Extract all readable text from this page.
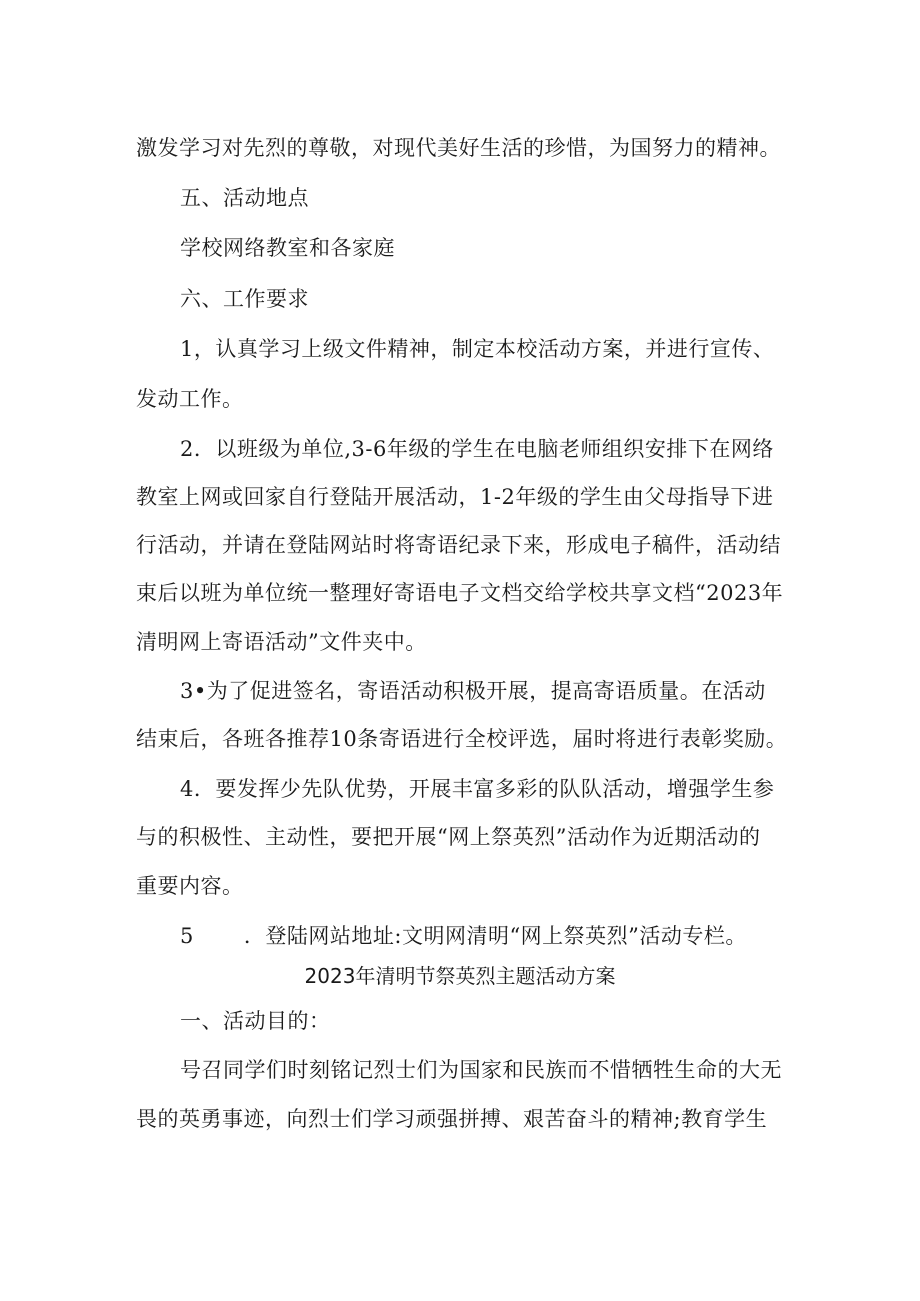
激发学习对先烈的尊敬，对现代美好生活的珍惜，为国努力的精神。
五、活动地点
学校网络教室和各家庭
六、工作要求
1，认真学习上级文件精神，制定本校活动方案，并进行宣传、
发动工作。
2．以班级为单位,3-6年级的学生在电脑老师组织安排下在网络
教室上网或回家自行登陆开展活动，1-2年级的学生由父母指导下进
行活动，并请在登陆网站时将寄语纪录下来，形成电子稿件，活动结
束后以班为单位统一整理好寄语电子文档交给学校共享文档“2023年
清明网上寄语活动”文件夹中。
3•为了促进签名，寄语活动积极开展，提高寄语质量。在活动
结束后，各班各推荐10条寄语进行全校评选，届时将进行表彰奖励。
4．要发挥少先队优势，开展丰富多彩的队队活动，增强学生参
与的积极性、主动性，要把开展“网上祭英烈”活动作为近期活动的
重要内容。
5 ．登陆网站地址:文明网清明“网上祭英烈”活动专栏。
2023年清明节祭英烈主题活动方案
一、活动目的：
号召同学们时刻铭记烈士们为国家和民族而不惜牺牲生命的大无
畏的英勇事迹，向烈士们学习顽强拼搏、艰苦奋斗的精神;教育学生
